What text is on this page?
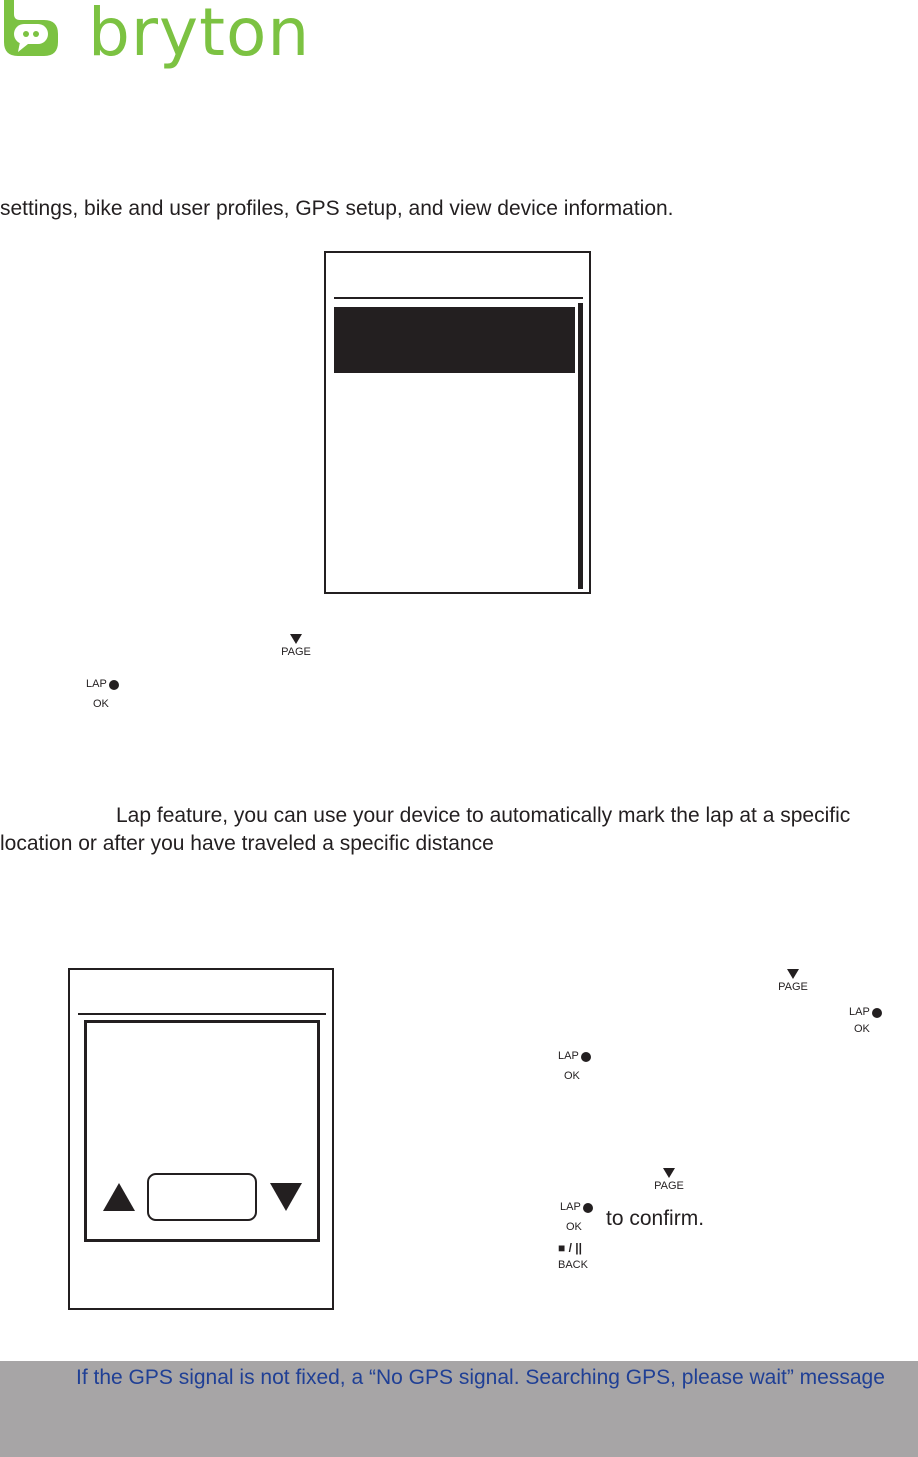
bryton
settings, bike and user profiles, GPS setup, and view device information.
PAGE
LAP
OK
Lap feature, you can use your device to automatically mark the lap at a specific
location or after you have traveled a specific distance
PAGE
LAP
OK
LAP
OK
PAGE
LAP
OK	to confirm.
■ / ||
BACK
If the GPS signal is not fixed, a “No GPS signal. Searching GPS, please wait” message
